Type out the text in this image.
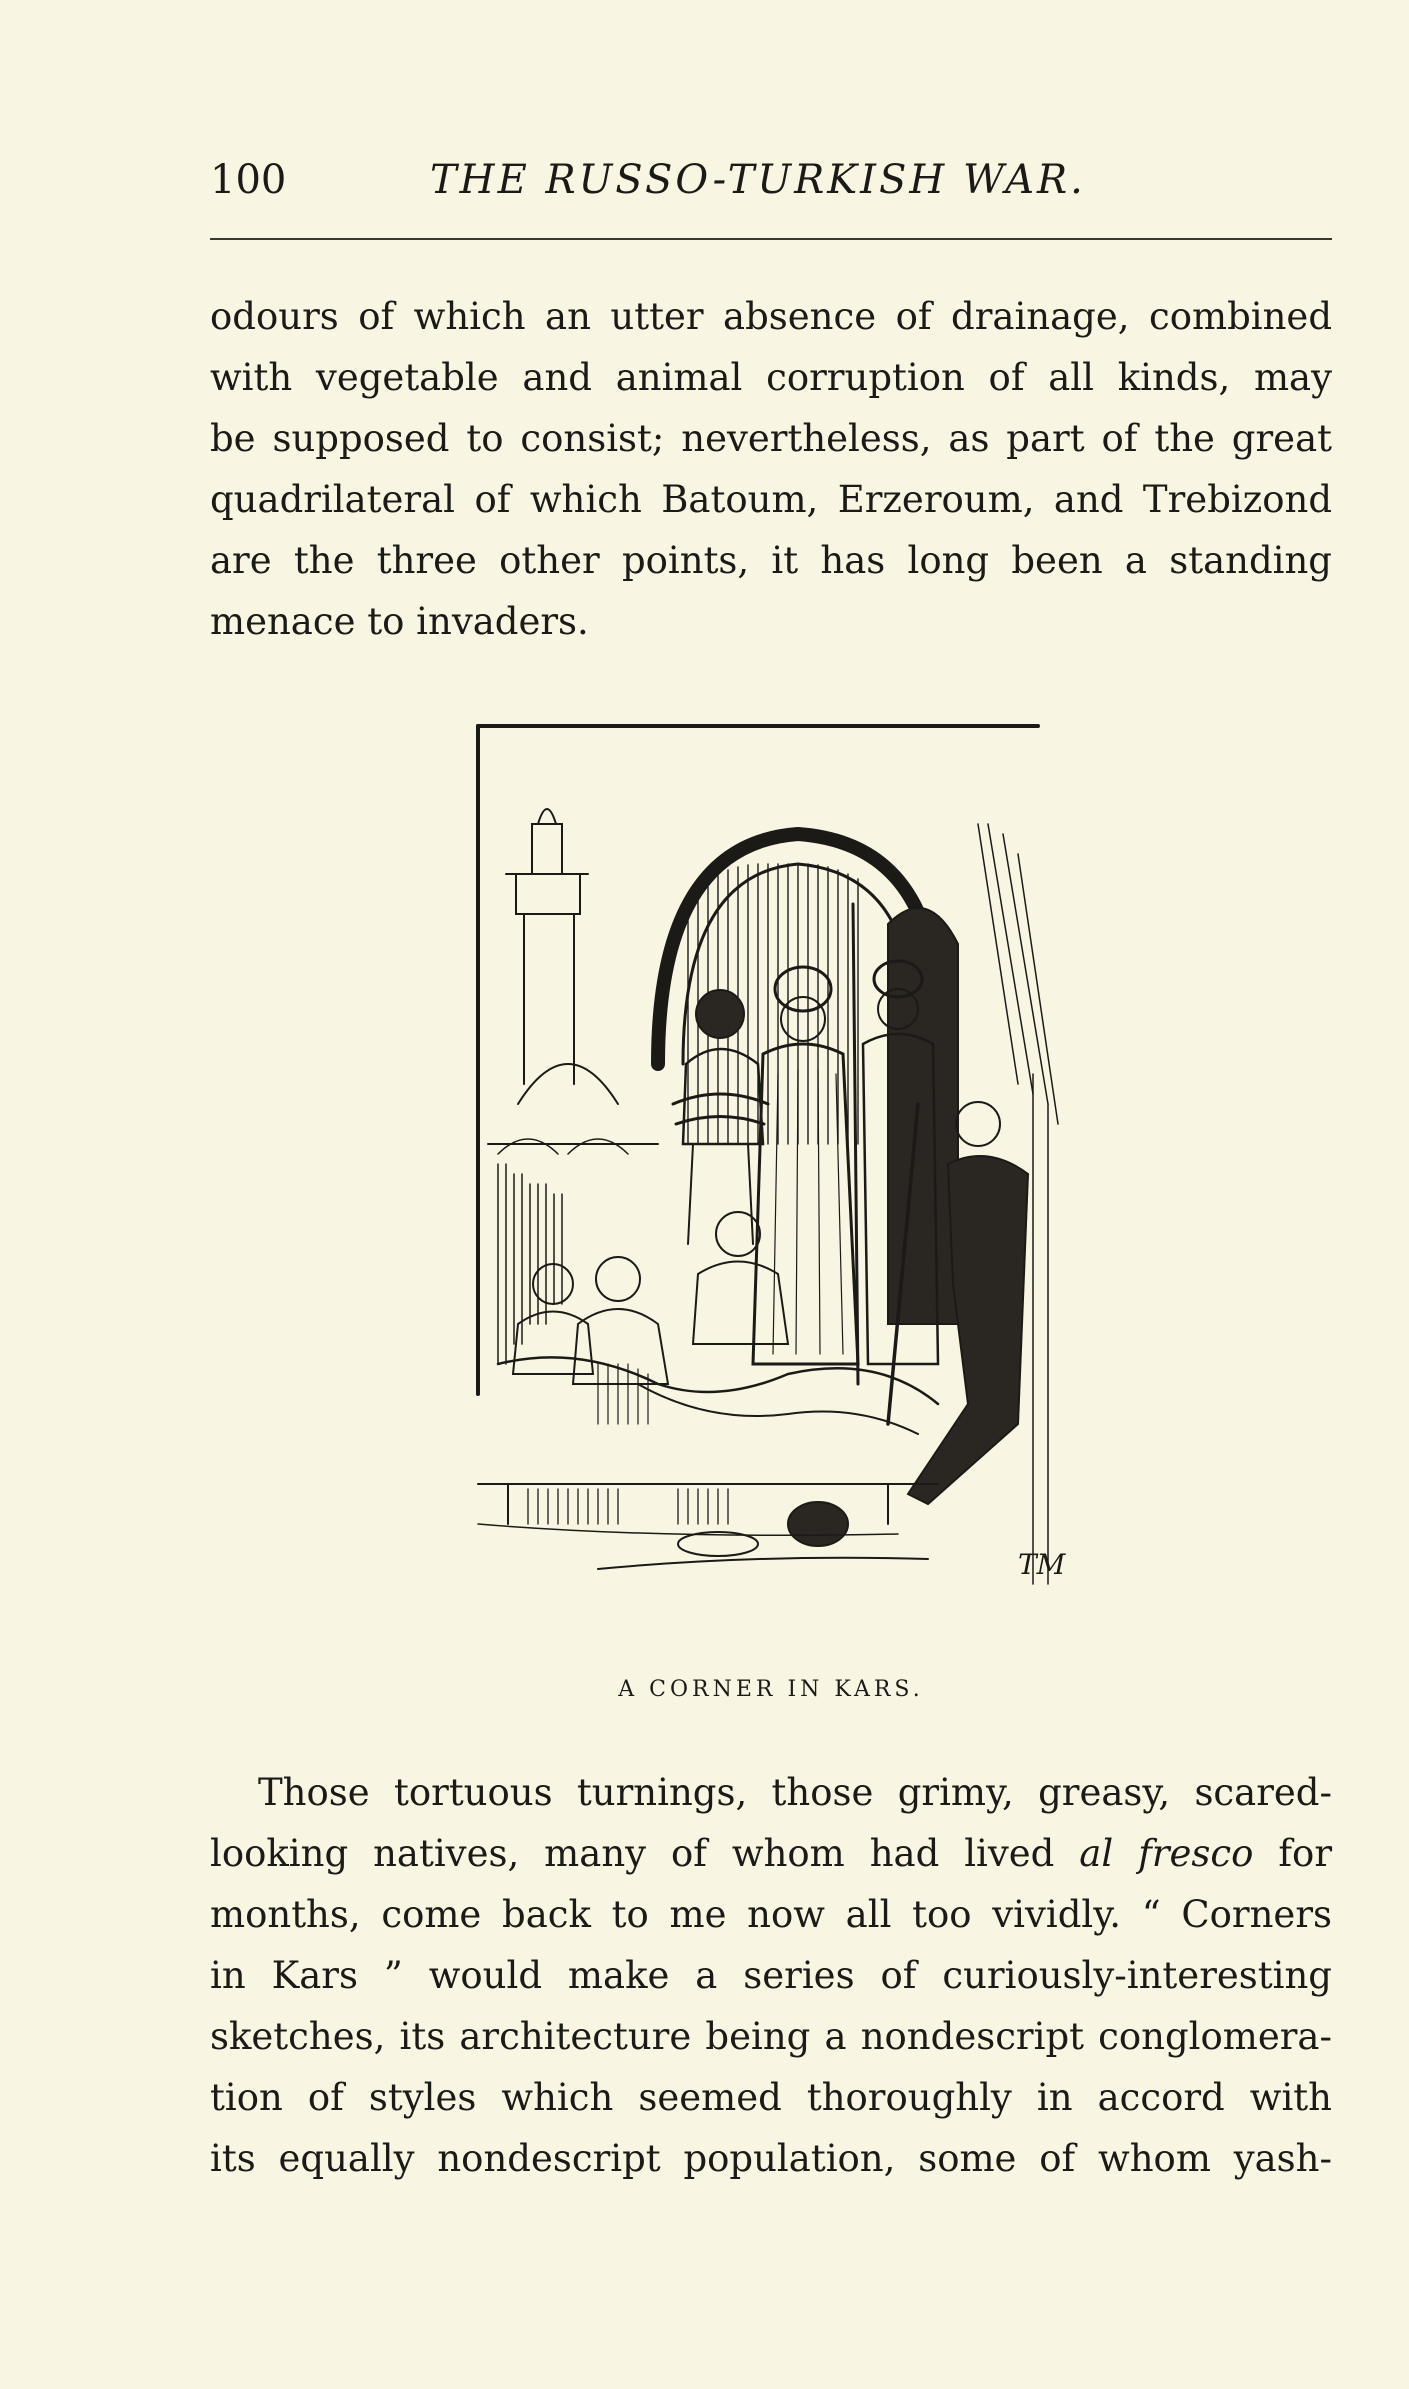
100	THE RUSSO-TURKISH WAR.
odours of which an utter absence of drainage, combined
with vegetable and animal corruption of all kinds, may
be supposed to consist; nevertheless, as part of the great
quadrilateral of which Batoum, Erzeroum, and Trebizond
are the three other points, it has long been a standing
menace to invaders.
TM
A CORNER IN KARS.
Those tortuous turnings, those grimy, greasy, scared-
looking natives, many of whom had lived al fresco for
months, come back to me now all too vividly. “ Corners
in Kars ” would make a series of curiously-interesting
sketches, its architecture being a nondescript conglomera-
tion of styles which seemed thoroughly in accord with
its equally nondescript population, some of whom yash-
